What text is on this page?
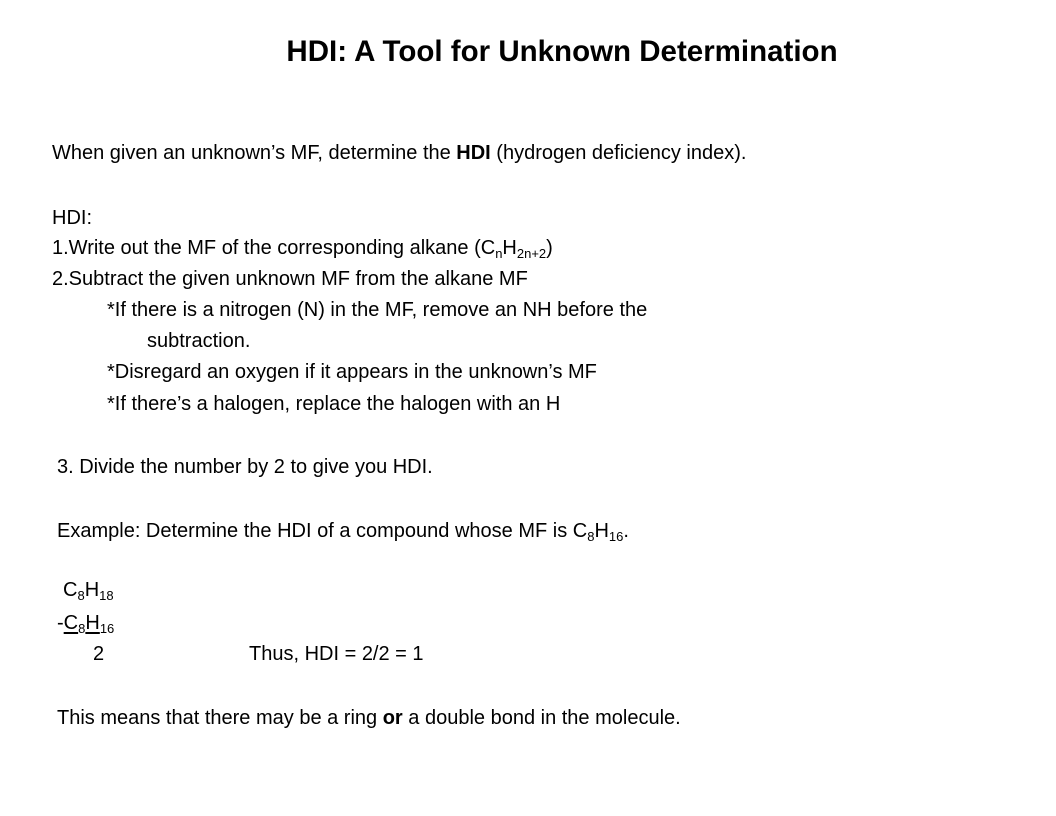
HDI: A Tool for Unknown Determination
When given an unknown’s MF, determine the HDI (hydrogen deficiency index).
HDI:
1.Write out the MF of the corresponding alkane $(C_nH_{2n+2})$
2.Subtract the given unknown MF from the alkane MF
*If there is a nitrogen (N) in the MF, remove an NH before the
subtraction.
*Disregard an oxygen if it appears in the unknown’s MF
*If there’s a halogen, replace the halogen with an H
3. Divide the number by 2 to give you HDI.
Example: Determine the HDI of a compound whose MF is $C_8H_{16}$.
$C_8H_{18}$
$-C_8H_{16}$
2	Thus, HDI = 2/2 = 1
This means that there may be a ring or a double bond in the molecule.
